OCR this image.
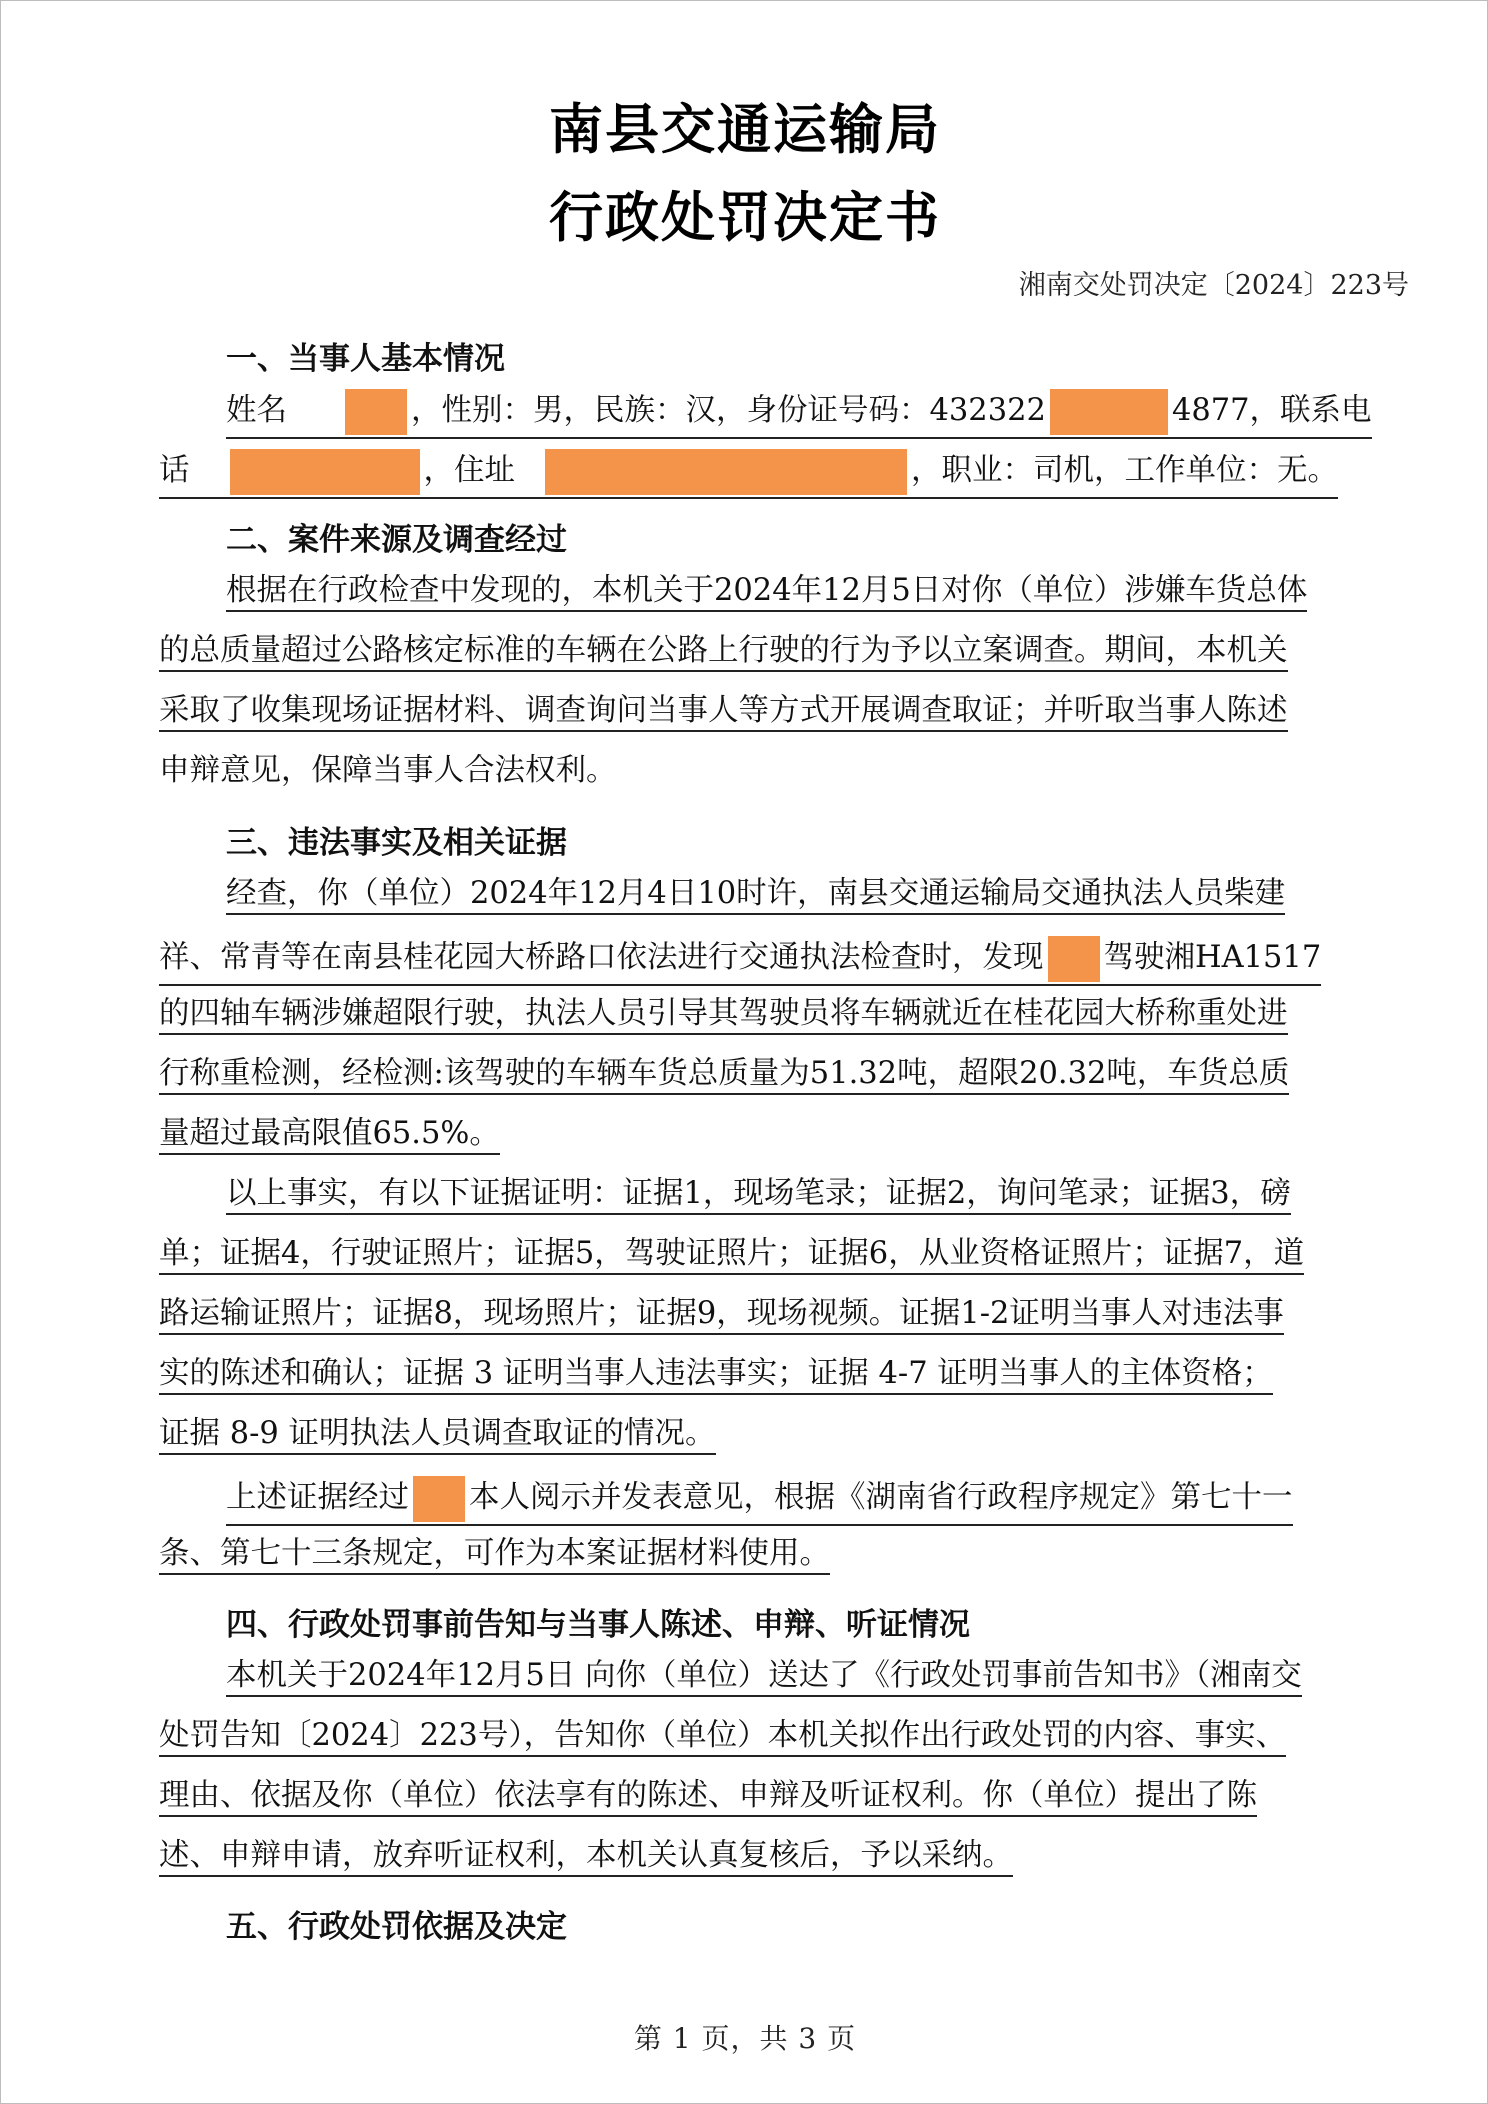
南县交通运输局
行政处罚决定书
湘南交处罚决定〔2024〕223号
一、当事人基本情况
姓名	，性别：男，民族：汉，身份证号码：432322	4877，联系电
话	，住址	，职业：司机，工作单位：无。
二、案件来源及调查经过
根据在行政检查中发现的，本机关于2024年12月5日对你（单位）涉嫌车货总体
的总质量超过公路核定标准的车辆在公路上行驶的行为予以立案调查。期间，本机关
采取了收集现场证据材料、调查询问当事人等方式开展调查取证；并听取当事人陈述
申辩意见，保障当事人合法权利。
三、违法事实及相关证据
经查，你（单位）2024年12月4日10时许，南县交通运输局交通执法人员柴建
祥、常青等在南县桂花园大桥路口依法进行交通执法检查时，发现 驾驶湘HA1517
的四轴车辆涉嫌超限行驶，执法人员引导其驾驶员将车辆就近在桂花园大桥称重处进
行称重检测，经检测:该驾驶的车辆车货总质量为51.32吨，超限20.32吨，车货总质
量超过最高限值65.5%。
以上事实，有以下证据证明：证据1，现场笔录；证据2，询问笔录；证据3，磅
单；证据4，行驶证照片；证据5，驾驶证照片；证据6，从业资格证照片；证据7，道
路运输证照片；证据8，现场照片；证据9，现场视频。证据1-2证明当事人对违法事
实的陈述和确认；证据 3 证明当事人违法事实；证据 4-7 证明当事人的主体资格；
证据 8-9 证明执法人员调查取证的情况。
上述证据经过 本人阅示并发表意见，根据《湖南省行政程序规定》第七十一
条、第七十三条规定，可作为本案证据材料使用。
四、行政处罚事前告知与当事人陈述、申辩、听证情况
本机关于2024年12月5日 向你（单位）送达了《行政处罚事前告知书》（湘南交
处罚告知〔2024〕223号），告知你（单位）本机关拟作出行政处罚的内容、事实、
理由、依据及你（单位）依法享有的陈述、申辩及听证权利。你（单位）提出了陈
述、申辩申请，放弃听证权利，本机关认真复核后，予以采纳。
五、行政处罚依据及决定
第 1 页，共 3 页
